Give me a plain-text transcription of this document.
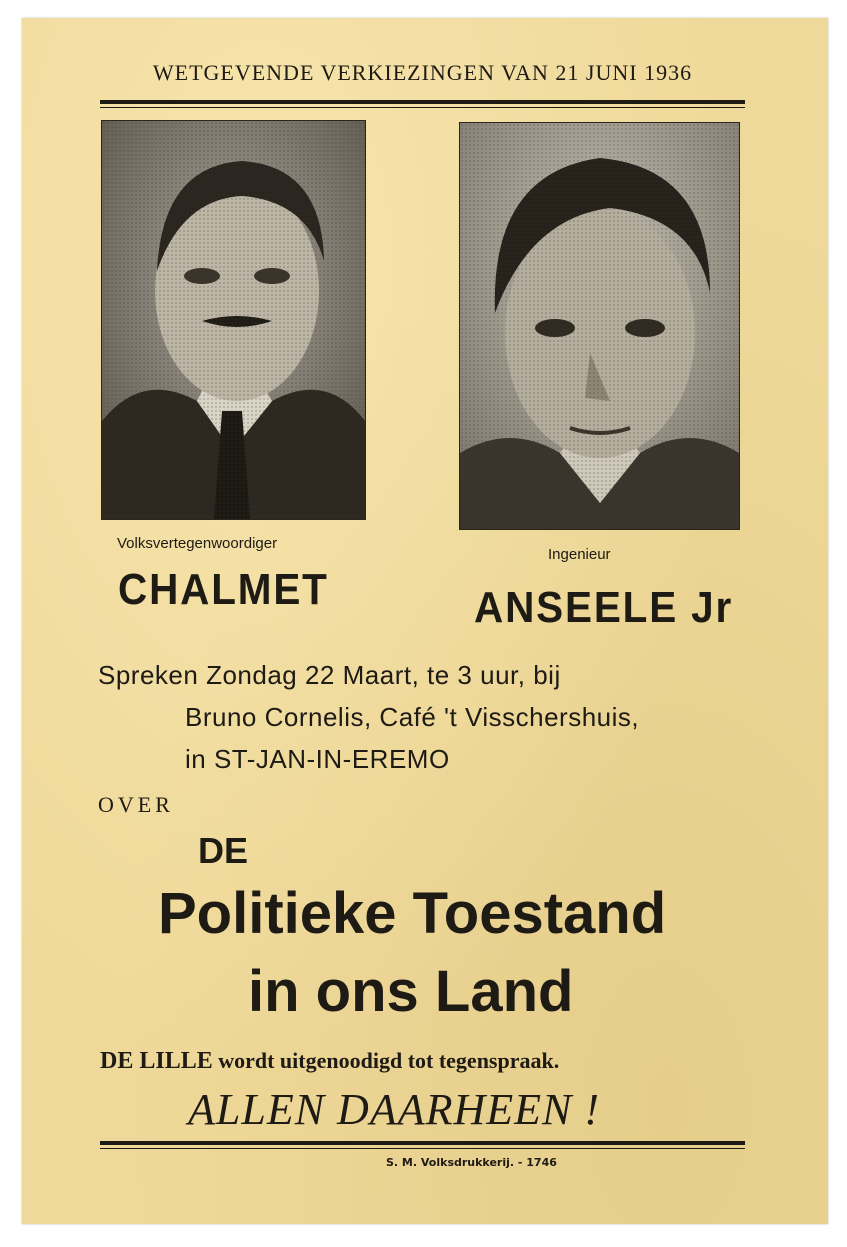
WETGEVENDE VERKIEZINGEN VAN 21 JUNI 1936
Volksvertegenwoordiger
CHALMET
Ingenieur
ANSEELE Jr
Spreken Zondag 22 Maart, te 3 uur, bij
Bruno Cornelis, Café 't Visschershuis,
in ST-JAN-IN-EREMO
OVER
DE
Politieke Toestand
in ons Land
DE LILLE wordt uitgenoodigd tot tegenspraak.
ALLEN DAARHEEN !
S. M. Volksdrukkerij. - 1746
